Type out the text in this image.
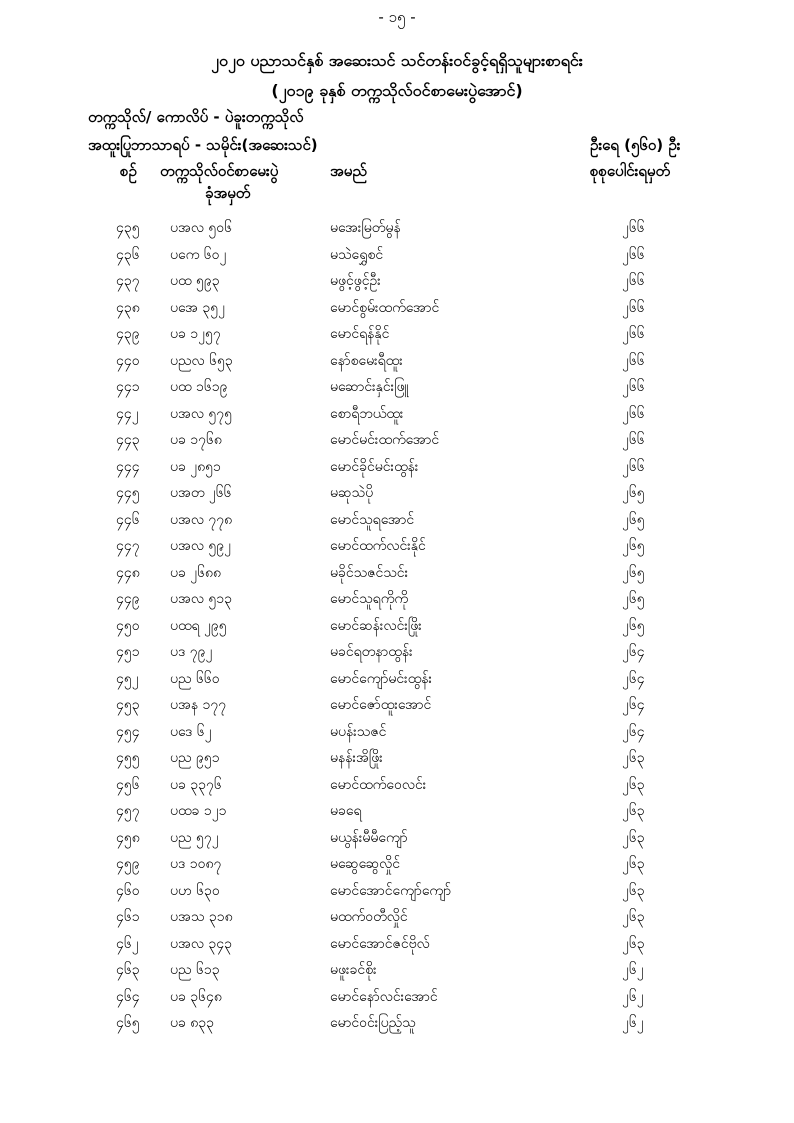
- ၁၅ -
၂၀၂၀ ပညာသင်နှစ် အဆေးသင် သင်တန်းဝင်ခွင့်ရရှိသူများစာရင်း
(၂၀၁၉ ခုနှစ် တက္ကသိုလ်ဝင်စာမေးပွဲအောင်)
တက္ကသိုလ်/ ကောလိပ် - ပဲခူးတက္ကသိုလ်
အထူးပြုဘာသာရပ် - သမိုင်း(အဆေးသင်)	ဦးရေ (၅၆၀) ဦး
စဉ် တက္ကသိုလ်ဝင်စာမေးပွဲ
ခုံအမှတ်
အမည်	စုစုပေါင်းရမှတ်
၄၃၅ ပအလ ၅၀၆	မအေးမြတ်မွန်	၂၆၆
၄၃၆ ပကေ ၆၀၂	မသဲရွှေစင်	၂၆၆
၄၃၇ ပထ ၅၉၃	မဖွင့်ဖွင့်ဦး	၂၆၆
၄၃၈ ပအေ ၃၅၂	မောင်စွမ်းထက်အောင်	၂၆၆
၄၃၉ ပခ ၁၂၅၇	မောင်ရန်နိုင်	၂၆၆
၄၄၀ ပညလ ၆၅၃	နော်စမေးရီထူး	၂၆၆
၄၄၁ ပထ ၁၆၁၉	မဆောင်းနှင်းဖြူ	၂၆၆
၄၄၂ ပအလ ၅၇၅	စောရီဘယ်ထူး	၂၆၆
၄၄၃ ပခ ၁၇၆၈	မောင်မင်းထက်အောင်	၂၆၆
၄၄၄ ပခ ၂၈၅၁	မောင်ခိုင်မင်းထွန်း	၂၆၆
၄၄၅ ပအတ ၂၆၆	မဆုသဲပို	၂၆၅
၄၄၆ ပအလ ၇၇၈	မောင်သူရအောင်	၂၆၅
၄၄၇ ပအလ ၅၉၂	မောင်ထက်လင်းနိုင်	၂၆၅
၄၄၈ ပခ ၂၆၈၈	မခိုင်သဇင်သင်း	၂၆၅
၄၄၉ ပအလ ၅၁၃	မောင်သူရကိုကို	၂၆၅
၄၅၀ ပထရ ၂၉၅	မောင်ဆန်းလင်းဖြိုး	၂၆၅
၄၅၁ ပဒ ၇၉၂	မခင်ရတနာထွန်း	၂၆၄
၄၅၂ ပည ၆၆၀	မောင်ကျော်မင်းထွန်း	၂၆၄
၄၅၃ ပအန ၁၇၇	မောင်ဇော်ထူးအောင်	၂၆၄
၄၅၄ ပဒေ ၆၂	မပန်းသဇင်	၂၆၄
၄၅၅ ပည ၉၅၁	မနန်းအိဖြိုး	၂၆၃
၄၅၆ ပခ ၃၃၇၆	မောင်ထက်ဝေလင်း	၂၆၃
၄၅၇ ပထခ ၁၂၁	မခရေ	၂၆၃
၄၅၈ ပည ၅၇၂	မယွန်းမီမီကျော်	၂၆၃
၄၅၉ ပဒ ၁၀၈၇	မဆွေဆွေလှိုင်	၂၆၃
၄၆၀ ပဟ ၆၃၀	မောင်အောင်ကျော်ကျော်	၂၆၃
၄၆၁ ပအသ ၃၁၈	မထက်ဝတီလှိုင်	၂၆၃
၄၆၂ ပအလ ၃၄၃	မောင်အောင်ဇင်ဗိုလ်	၂၆၃
၄၆၃ ပည ၆၁၃	မဖူးခင်စိုး	၂၆၂
၄၆၄ ပခ ၃၆၄၈	မောင်နော်လင်းအောင်	၂၆၂
၄၆၅ ပခ ၈၃၃	မောင်ဝင်းပြည့်သူ	၂၆၂
